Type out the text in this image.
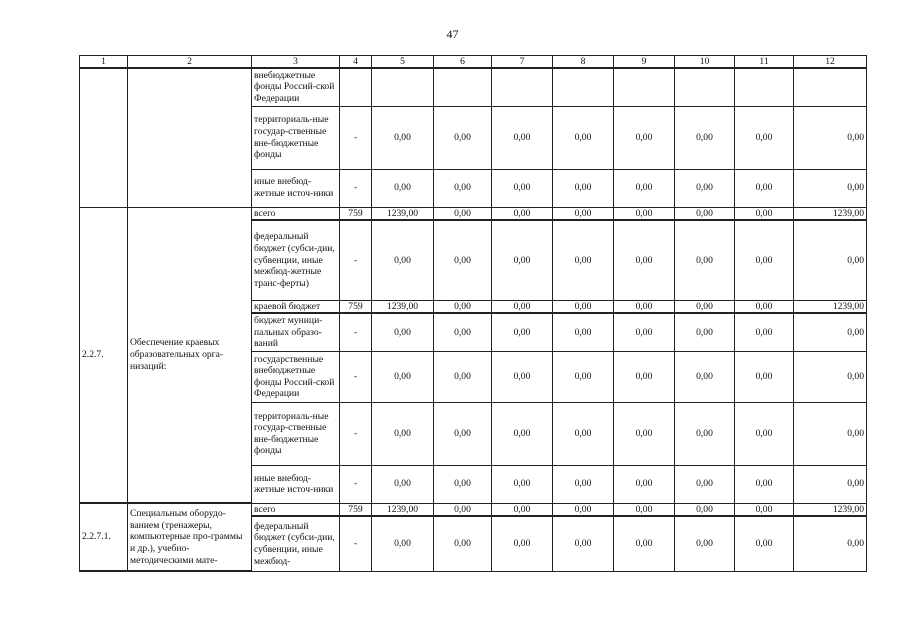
47
1	2	3	4	5	6	7	8	9	10	11	12
		внебюджетные фонды Россий-ской Федерации									
		территориаль-ные государ-ственные вне-бюджетные фонды	-	0,00	0,00	0,00	0,00	0,00	0,00	0,00	0,00
		иные внебюд-жетные источ-ники	-	0,00	0,00	0,00	0,00	0,00	0,00	0,00	0,00
2.2.7.	Обеспечение краевых образовательных орга-низаций:	всего	759	1239,00	0,00	0,00	0,00	0,00	0,00	0,00	1239,00
		федеральный бюджет (субси-дии, субвенции, иные межбюд-жетные транс-ферты)	-	0,00	0,00	0,00	0,00	0,00	0,00	0,00	0,00
		краевой бюджет	759	1239,00	0,00	0,00	0,00	0,00	0,00	0,00	1239,00
		бюджет муници-пальных образо-ваний	-	0,00	0,00	0,00	0,00	0,00	0,00	0,00	0,00
		государственные внебюджетные фонды Россий-ской Федерации	-	0,00	0,00	0,00	0,00	0,00	0,00	0,00	0,00
		территориаль-ные государ-ственные вне-бюджетные фонды	-	0,00	0,00	0,00	0,00	0,00	0,00	0,00	0,00
		иные внебюд-жетные источ-ники	-	0,00	0,00	0,00	0,00	0,00	0,00	0,00	0,00
2.2.7.1.	Специальным оборудо-ванием (тренажеры, компьютерные про-граммы и др.), учебно-методическими мате-	всего	759	1239,00	0,00	0,00	0,00	0,00	0,00	0,00	1239,00
		федеральный бюджет (субси-дии, субвенции, иные межбюд-	-	0,00	0,00	0,00	0,00	0,00	0,00	0,00	0,00
